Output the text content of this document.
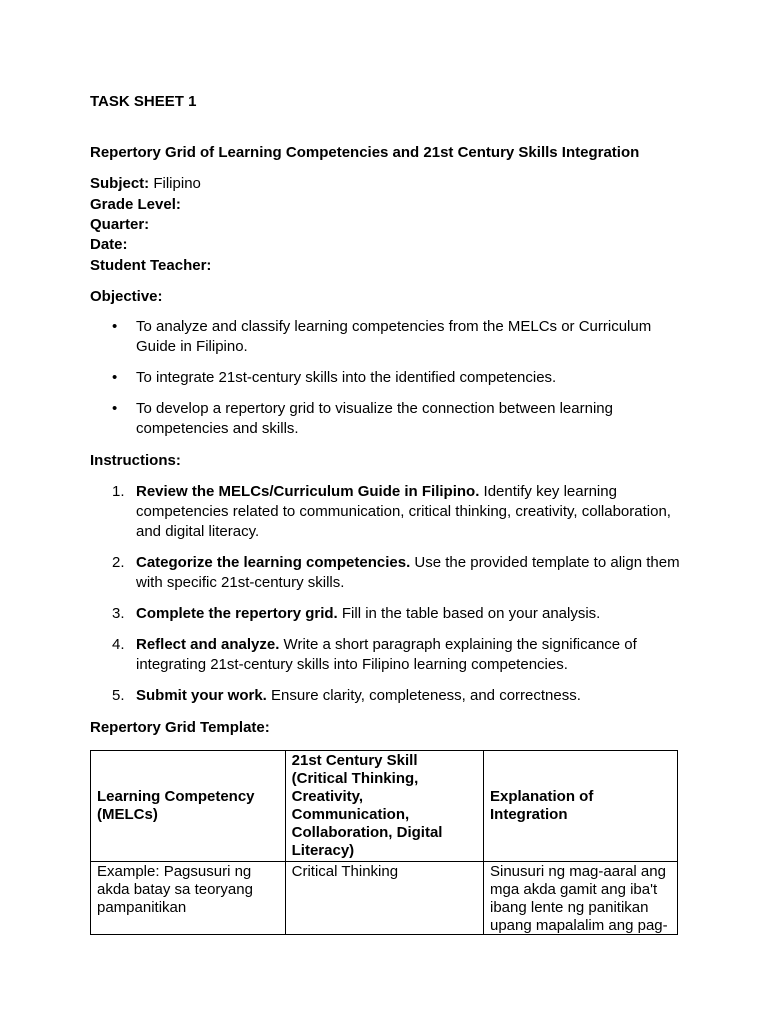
TASK SHEET 1
Repertory Grid of Learning Competencies and 21st Century Skills Integration
Subject: Filipino
Grade Level:
Quarter:
Date:
Student Teacher:
Objective:
• To analyze and classify learning competencies from the MELCs or Curriculum Guide in Filipino.
• To integrate 21st-century skills into the identified competencies.
• To develop a repertory grid to visualize the connection between learning competencies and skills.
Instructions:
1. Review the MELCs/Curriculum Guide in Filipino. Identify key learning competencies related to communication, critical thinking, creativity, collaboration, and digital literacy.
2. Categorize the learning competencies. Use the provided template to align them with specific 21st-century skills.
3. Complete the repertory grid. Fill in the table based on your analysis.
4. Reflect and analyze. Write a short paragraph explaining the significance of integrating 21st-century skills into Filipino learning competencies.
5. Submit your work. Ensure clarity, completeness, and correctness.
Repertory Grid Template:
Learning Competency (MELCs)	21st Century Skill (Critical Thinking, Creativity, Communication, Collaboration, Digital Literacy)	Explanation of Integration

Example: Pagsusuri ng akda batay sa teoryang pampanitikan	Critical Thinking	Sinusuri ng mag-aaral ang mga akda gamit ang iba't ibang lente ng panitikan upang mapalalim ang pag-
